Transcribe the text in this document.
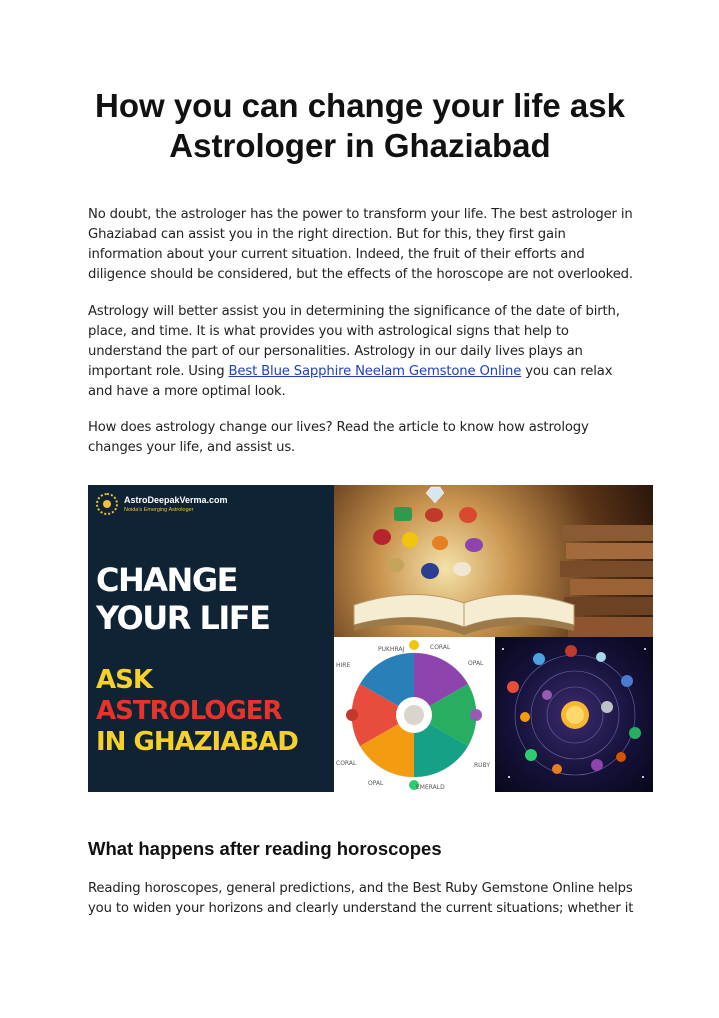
How you can change your life ask Astrologer in Ghaziabad

No doubt, the astrologer has the power to transform your life. The best astrologer in Ghaziabad can assist you in the right direction. But for this, they first gain information about your current situation. Indeed, the fruit of their efforts and diligence should be considered, but the effects of the horoscope are not overlooked.

Astrology will better assist you in determining the significance of the date of birth, place, and time. It is what provides you with astrological signs that help to understand the part of our personalities. Astrology in our daily lives plays an important role. Using Best Blue Sapphire Neelam Gemstone Online you can relax and have a more optimal look.

How does astrology change our lives? Read the article to know how astrology changes your life, and assist us.

AstroDeepakVerma.com
Noida's Emerging Astrologer
CHANGE
YOUR LIFE
ASK
ASTROLOGER
IN GHAZIABAD
PUKHRAJ	CORAL
OPAL
EMERALD
RUBY
OPAL
CORAL
HIRE
What happens after reading horoscopes

Reading horoscopes, general predictions, and the Best Ruby Gemstone Online helps you to widen your horizons and clearly understand the current situations; whether it
